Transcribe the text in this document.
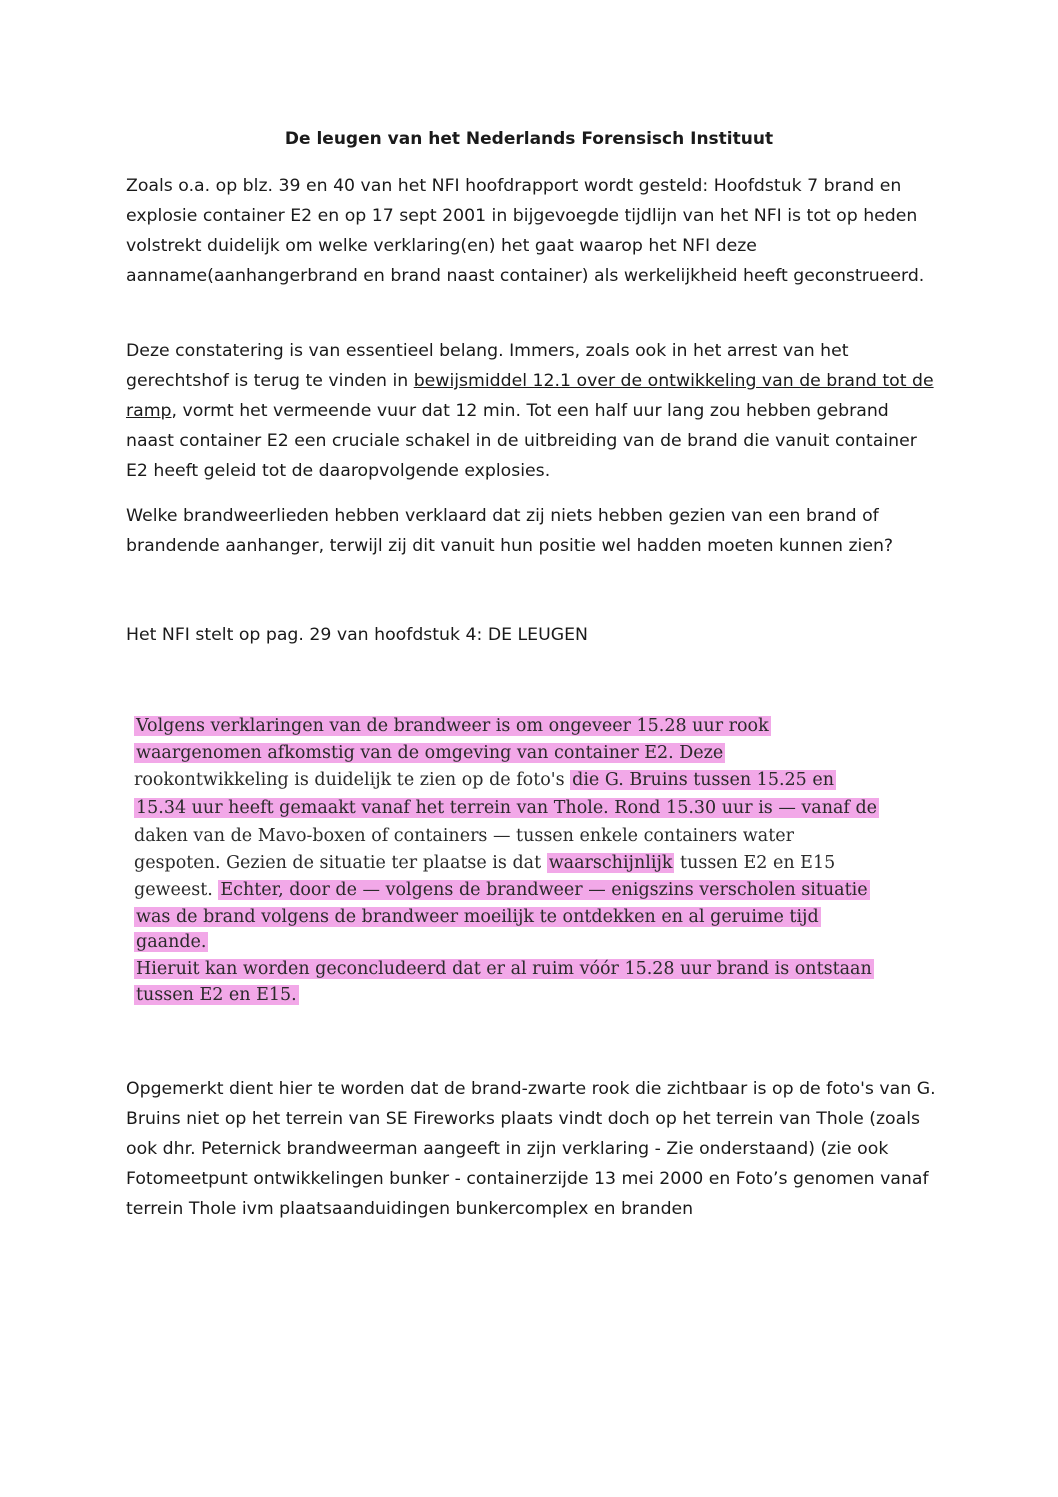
De leugen van het Nederlands Forensisch Instituut

Zoals o.a. op blz. 39 en 40 van het NFI hoofdrapport wordt gesteld: Hoofdstuk 7 brand en explosie container E2 en op 17 sept 2001 in bijgevoegde tijdlijn van het NFI is tot op heden volstrekt duidelijk om welke verklaring(en) het gaat waarop het NFI deze aanname(aanhangerbrand en brand naast container) als werkelijkheid heeft geconstrueerd.

Deze constatering is van essentieel belang. Immers, zoals ook in het arrest van het gerechtshof is terug te vinden in bewijsmiddel 12.1 over de ontwikkeling van de brand tot de ramp, vormt het vermeende vuur dat 12 min. Tot een half uur lang zou hebben gebrand naast container E2 een cruciale schakel in de uitbreiding van de brand die vanuit container E2 heeft geleid tot de daaropvolgende explosies.

Welke brandweerlieden hebben verklaard dat zij niets hebben gezien van een brand of brandende aanhanger, terwijl zij dit vanuit hun positie wel hadden moeten kunnen zien?

Het NFI stelt op pag. 29 van hoofdstuk 4: DE LEUGEN

Volgens verklaringen van de brandweer is om ongeveer 15.28 uur rook
waargenomen afkomstig van de omgeving van container E2. Deze
rookontwikkeling is duidelijk te zien op de foto's die G. Bruins tussen 15.25 en
15.34 uur heeft gemaakt vanaf het terrein van Thole. Rond 15.30 uur is — vanaf de
daken van de Mavo-boxen of containers — tussen enkele containers water
gespoten. Gezien de situatie ter plaatse is dat waarschijnlijk tussen E2 en E15
geweest. Echter, door de — volgens de brandweer — enigszins verscholen situatie
was de brand volgens de brandweer moeilijk te ontdekken en al geruime tijd
gaande.
Hieruit kan worden geconcludeerd dat er al ruim vóór 15.28 uur brand is ontstaan
tussen E2 en E15.

Opgemerkt dient hier te worden dat de brand-zwarte rook die zichtbaar is op de foto's van G. Bruins niet op het terrein van SE Fireworks plaats vindt doch op het terrein van Thole (zoals ook dhr. Peternick brandweerman aangeeft in zijn verklaring - Zie onderstaand) (zie ook Fotomeetpunt ontwikkelingen bunker - containerzijde 13 mei 2000 en Foto’s genomen vanaf terrein Thole ivm plaatsaanduidingen bunkercomplex en branden
